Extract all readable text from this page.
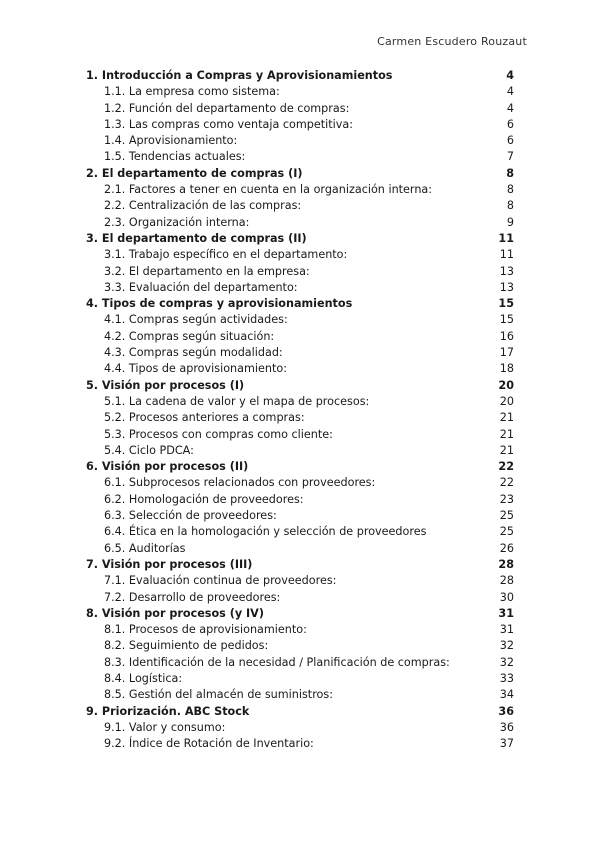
Carmen Escudero Rouzaut
1. Introducción a Compras y Aprovisionamientos	4
1.1. La empresa como sistema:	4
1.2. Función del departamento de compras:	4
1.3. Las compras como ventaja competitiva:	6
1.4. Aprovisionamiento:	6
1.5. Tendencias actuales:	7
2. El departamento de compras (I)	8
2.1. Factores a tener en cuenta en la organización interna:	8
2.2. Centralización de las compras:	8
2.3. Organización interna:	9
3. El departamento de compras (II)	11
3.1. Trabajo específico en el departamento:	11
3.2. El departamento en la empresa:	13
3.3. Evaluación del departamento:	13
4. Tipos de compras y aprovisionamientos	15
4.1. Compras según actividades:	15
4.2. Compras según situación:	16
4.3. Compras según modalidad:	17
4.4. Tipos de aprovisionamiento:	18
5. Visión por procesos (I)	20
5.1. La cadena de valor y el mapa de procesos:	20
5.2. Procesos anteriores a compras:	21
5.3. Procesos con compras como cliente:	21
5.4. Ciclo PDCA:	21
6. Visión por procesos (II)	22
6.1. Subprocesos relacionados con proveedores:	22
6.2. Homologación de proveedores:	23
6.3. Selección de proveedores:	25
6.4. Ética en la homologación y selección de proveedores	25
6.5. Auditorías	26
7. Visión por procesos (III)	28
7.1. Evaluación continua de proveedores:	28
7.2. Desarrollo de proveedores:	30
8. Visión por procesos (y IV)	31
8.1. Procesos de aprovisionamiento:	31
8.2. Seguimiento de pedidos:	32
8.3. Identificación de la necesidad / Planificación de compras:	32
8.4. Logística:	33
8.5. Gestión del almacén de suministros:	34
9. Priorización. ABC Stock	36
9.1. Valor y consumo:	36
9.2. Índice de Rotación de Inventario:	37
